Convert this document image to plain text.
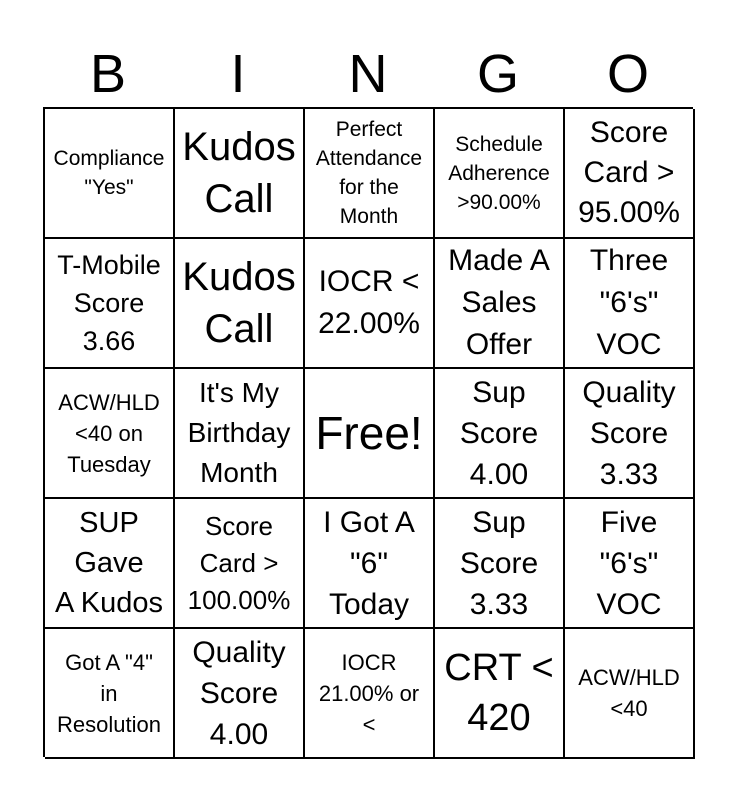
B	I	N	G	O
Compliance
"Yes"
Kudos
Call
Perfect
Attendance
for the
Month
Schedule
Adherence
>90.00%
Score
Card >
95.00%
T-Mobile
Score
3.66
Kudos
Call
IOCR <
22.00%
Made A
Sales
Offer
Three
"6's"
VOC
ACW/HLD
<40 on
Tuesday
It's My
Birthday
Month
Free!
Sup
Score
4.00
Quality
Score
3.33
SUP
Gave
A Kudos
Score
Card >
100.00%
I Got A
"6"
Today
Sup
Score
3.33
Five
"6's"
VOC
Got A "4"
in
Resolution
Quality
Score
4.00
IOCR
21.00% or
<
CRT <
420
ACW/HLD
<40
